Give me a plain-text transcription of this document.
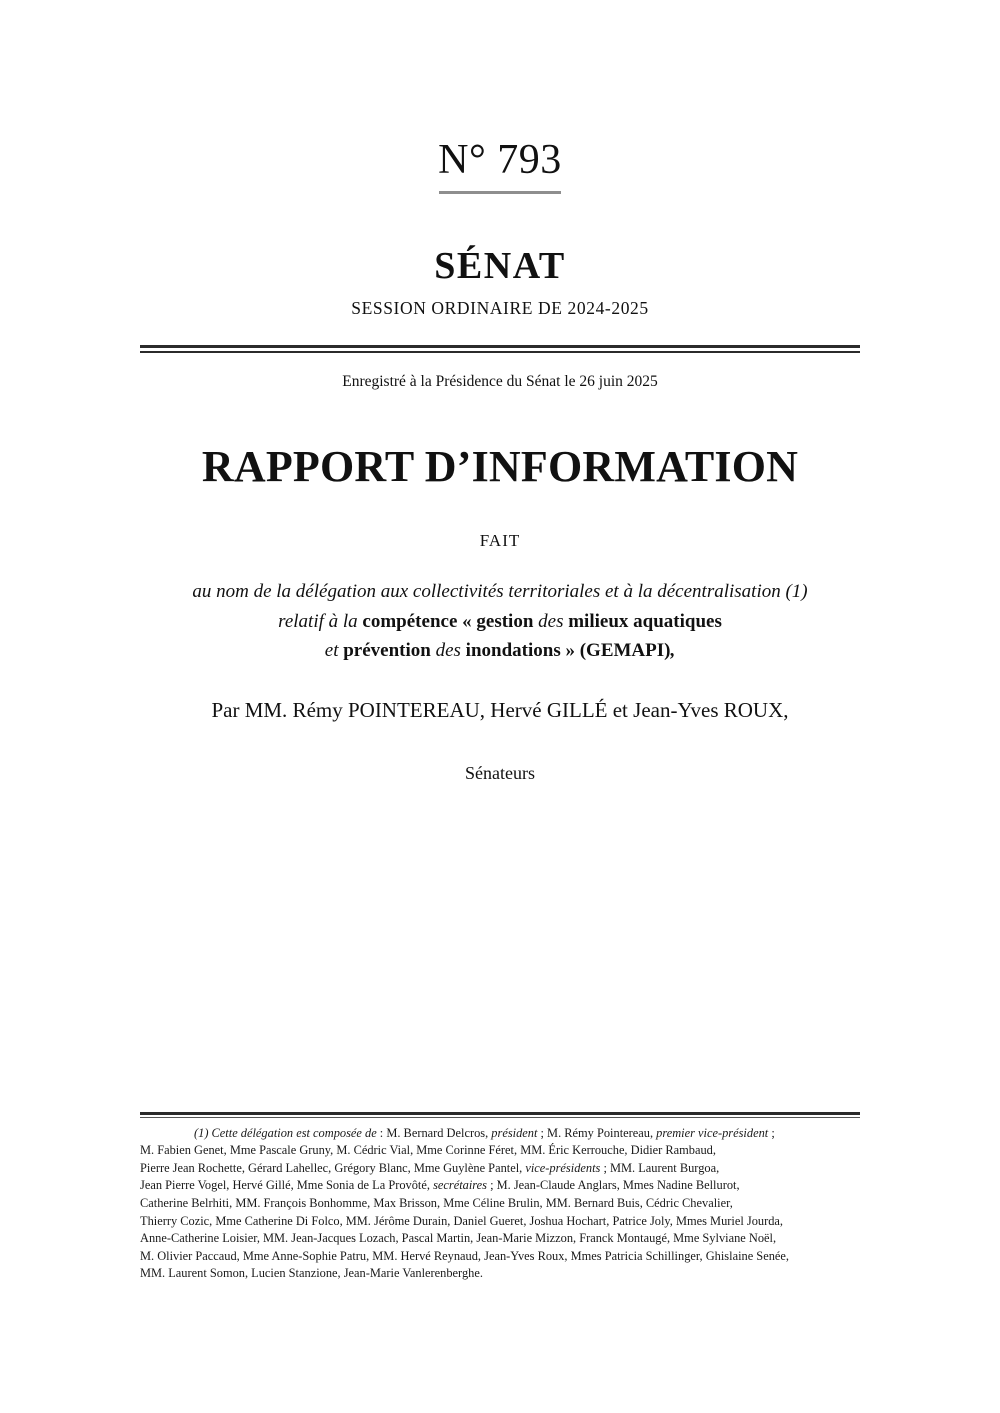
N° 793
SÉNAT
SESSION ORDINAIRE DE 2024-2025
Enregistré à la Présidence du Sénat le 26 juin 2025
RAPPORT D’INFORMATION
FAIT
au nom de la délégation aux collectivités territoriales et à la décentralisation (1)
relatif à la compétence « gestion des milieux aquatiques
et prévention des inondations » (GEMAPI),
Par MM. Rémy POINTEREAU, Hervé GILLÉ et Jean-Yves ROUX,
Sénateurs
(1) Cette délégation est composée de : M. Bernard Delcros, président ; M. Rémy Pointereau, premier vice-président ;
M. Fabien Genet, Mme Pascale Gruny, M. Cédric Vial, Mme Corinne Féret, MM. Éric Kerrouche, Didier Rambaud,
Pierre Jean Rochette, Gérard Lahellec, Grégory Blanc, Mme Guylène Pantel, vice-présidents ; MM. Laurent Burgoa,
Jean Pierre Vogel, Hervé Gillé, Mme Sonia de La Provôté, secrétaires ; M. Jean-Claude Anglars, Mmes Nadine Bellurot,
Catherine Belrhiti, MM. François Bonhomme, Max Brisson, Mme Céline Brulin, MM. Bernard Buis, Cédric Chevalier,
Thierry Cozic, Mme Catherine Di Folco, MM. Jérôme Durain, Daniel Gueret, Joshua Hochart, Patrice Joly, Mmes Muriel Jourda,
Anne-Catherine Loisier, MM. Jean-Jacques Lozach, Pascal Martin, Jean-Marie Mizzon, Franck Montaugé, Mme Sylviane Noël,
M. Olivier Paccaud, Mme Anne-Sophie Patru, MM. Hervé Reynaud, Jean-Yves Roux, Mmes Patricia Schillinger, Ghislaine Senée,
MM. Laurent Somon, Lucien Stanzione, Jean-Marie Vanlerenberghe.
